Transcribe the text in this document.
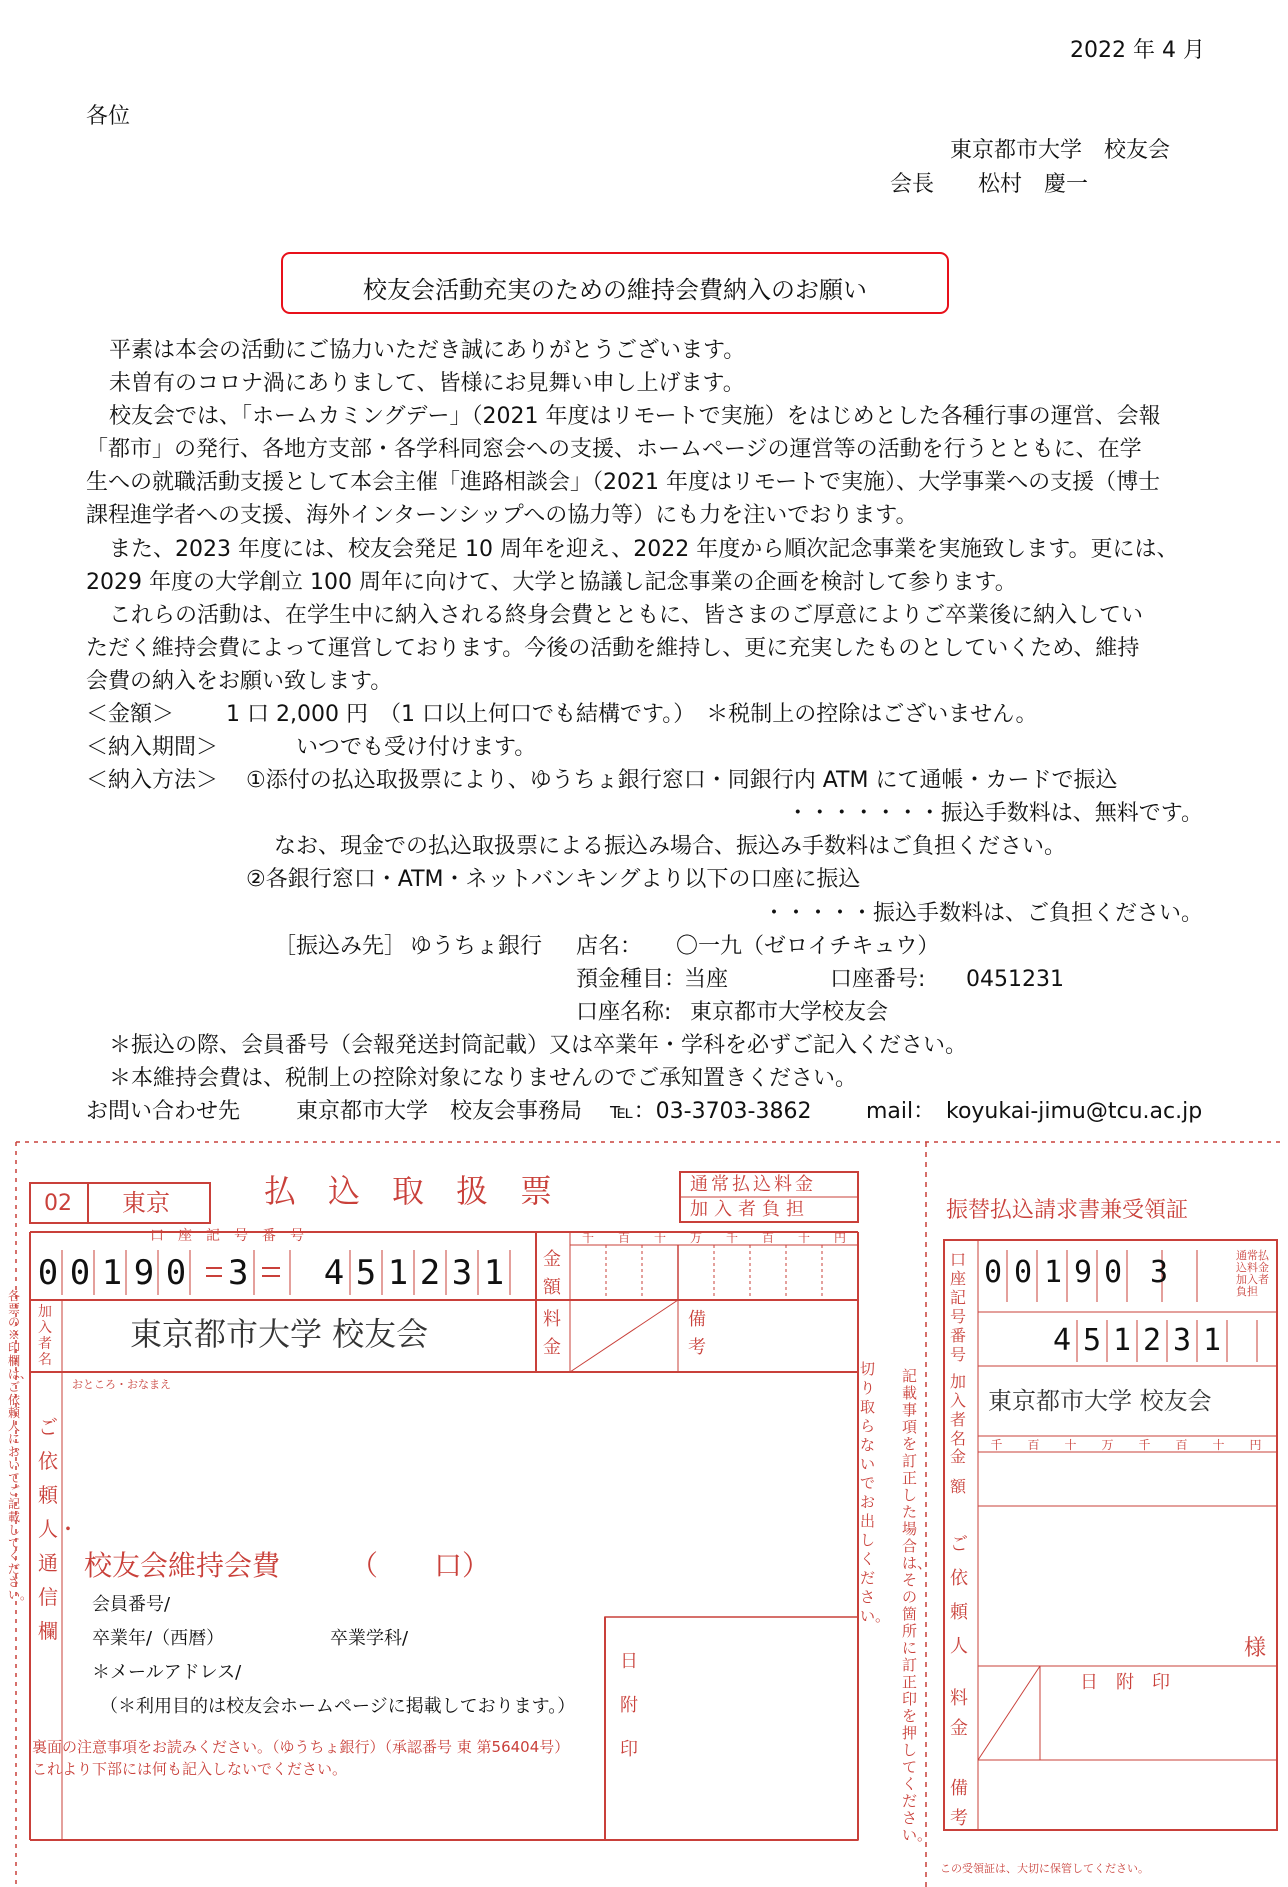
2022 年 4 月
各位
東京都市大学　校友会
会長　　松村　慶一
校友会活動充実のための維持会費納入のお願い
平素は本会の活動にご協力いただき誠にありがとうございます。
未曽有のコロナ渦にありまして、皆様にお見舞い申し上げます。
校友会では、「ホームカミングデー」（2021 年度はリモートで実施）をはじめとした各種行事の運営、会報
「都市」の発行、各地方支部・各学科同窓会への支援、ホームページの運営等の活動を行うとともに、在学
生への就職活動支援として本会主催「進路相談会」（2021 年度はリモートで実施）、大学事業への支援（博士
課程進学者への支援、海外インターンシップへの協力等）にも力を注いでおります。
また、2023 年度には、校友会発足 10 周年を迎え、2022 年度から順次記念事業を実施致します。更には、
2029 年度の大学創立 100 周年に向けて、大学と協議し記念事業の企画を検討して参ります。
これらの活動は、在学生中に納入される終身会費とともに、皆さまのご厚意によりご卒業後に納入してい
ただく維持会費によって運営しております。今後の活動を維持し、更に充実したものとしていくため、維持
会費の納入をお願い致します。
＜金額＞ 1 口 2,000 円　（1 口以上何口でも結構です。）　＊税制上の控除はございません。
＜納入期間＞	いつでも受け付けます。
＜納入方法＞ ①添付の払込取扱票により、ゆうちょ銀行窓口・同銀行内 ATM にて通帳・カードで振込
・・・・・・・振込手数料は、無料です。
なお、現金での払込取扱票による振込み場合、振込み手数料はご負担ください。
②各銀行窓口・ATM・ネットバンキングより以下の口座に振込
・・・・・振込手数料は、ご負担ください。
［振込み先］ ゆうちょ銀行 店名： 〇一九（ゼロイチキュウ）
預金種目：
当座	口座番号: 0451231
口座名称: 東京都市大学校友会
＊振込の際、会員番号（会報発送封筒記載）又は卒業年・学科を必ずご記入ください。
＊本維持会費は、税制上の控除対象になりませんのでご承知置きください。
お問い合わせ先	東京都市大学　校友会事務局 ℡：03-3703-3862 mail： koyukai-jimu@tcu.ac.jp
02 東京	払　込　取　扱　票	通常払込料金
加入者負担
口　座　記　号　番　号
0 0 1 9 0 3 4 5 1 2 3 1	金額
千 百 十 万 千 百 十 円
料金
備考
加入者名
東京都市大学 校友会
おところ・おなまえ
ご依頼人・通信欄
各票の※印欄は、ご依頼人においてご記載してください。
切り取らないでお出しください。
校友会維持会費　　　（　　口）
会員番号/
卒業年/（西暦）	卒業学科/
＊メールアドレス/
（＊利用目的は校友会ホームページに掲載しております。）
日附印
裏面の注意事項をお読みください。（ゆうちょ銀行）（承認番号 東 第56404号）
これより下部には何も記入しないでください。
振替払込請求書兼受領証
口座記号番号
0 0 1 9 0 3	通常払込料金加入者負担
4 5 1 2 3 1
加入者名
東京都市大学 校友会
金額
千 百 十 万 千 百 十 円
ご依頼人	様
日　附　印
料金
備考
記載事項を訂正した場合は、その箇所に訂正印を押してください。
この受領証は、大切に保管してください。
